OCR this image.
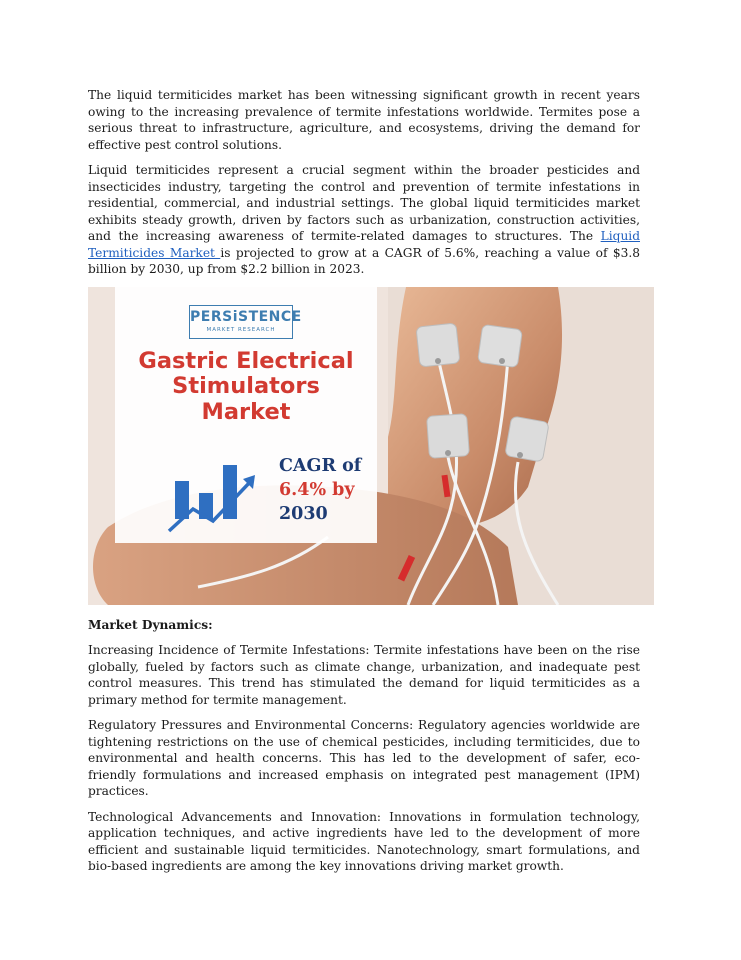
The liquid termiticides market has been witnessing significant growth in recent years owing to the increasing prevalence of termite infestations worldwide. Termites pose a serious threat to infrastructure, agriculture, and ecosystems, driving the demand for effective pest control solutions.

Liquid termiticides represent a crucial segment within the broader pesticides and insecticides industry, targeting the control and prevention of termite infestations in residential, commercial, and industrial settings. The global liquid termiticides market exhibits steady growth, driven by factors such as urbanization, construction activities, and the increasing awareness of termite-related damages to structures. The Liquid Termiticides Market is projected to grow at a CAGR of 5.6%, reaching a value of $3.8 billion by 2030, up from $2.2 billion in 2023.

PERSiSTENCE
MARKET RESEARCH
Gastric Electrical
Stimulators
Market
CAGR of
6.4% by
2030

Market Dynamics:

Increasing Incidence of Termite Infestations: Termite infestations have been on the rise globally, fueled by factors such as climate change, urbanization, and inadequate pest control measures. This trend has stimulated the demand for liquid termiticides as a primary method for termite management.

Regulatory Pressures and Environmental Concerns: Regulatory agencies worldwide are tightening restrictions on the use of chemical pesticides, including termiticides, due to environmental and health concerns. This has led to the development of safer, eco-friendly formulations and increased emphasis on integrated pest management (IPM) practices.

Technological Advancements and Innovation: Innovations in formulation technology, application techniques, and active ingredients have led to the development of more efficient and sustainable liquid termiticides. Nanotechnology, smart formulations, and bio-based ingredients are among the key innovations driving market growth.
